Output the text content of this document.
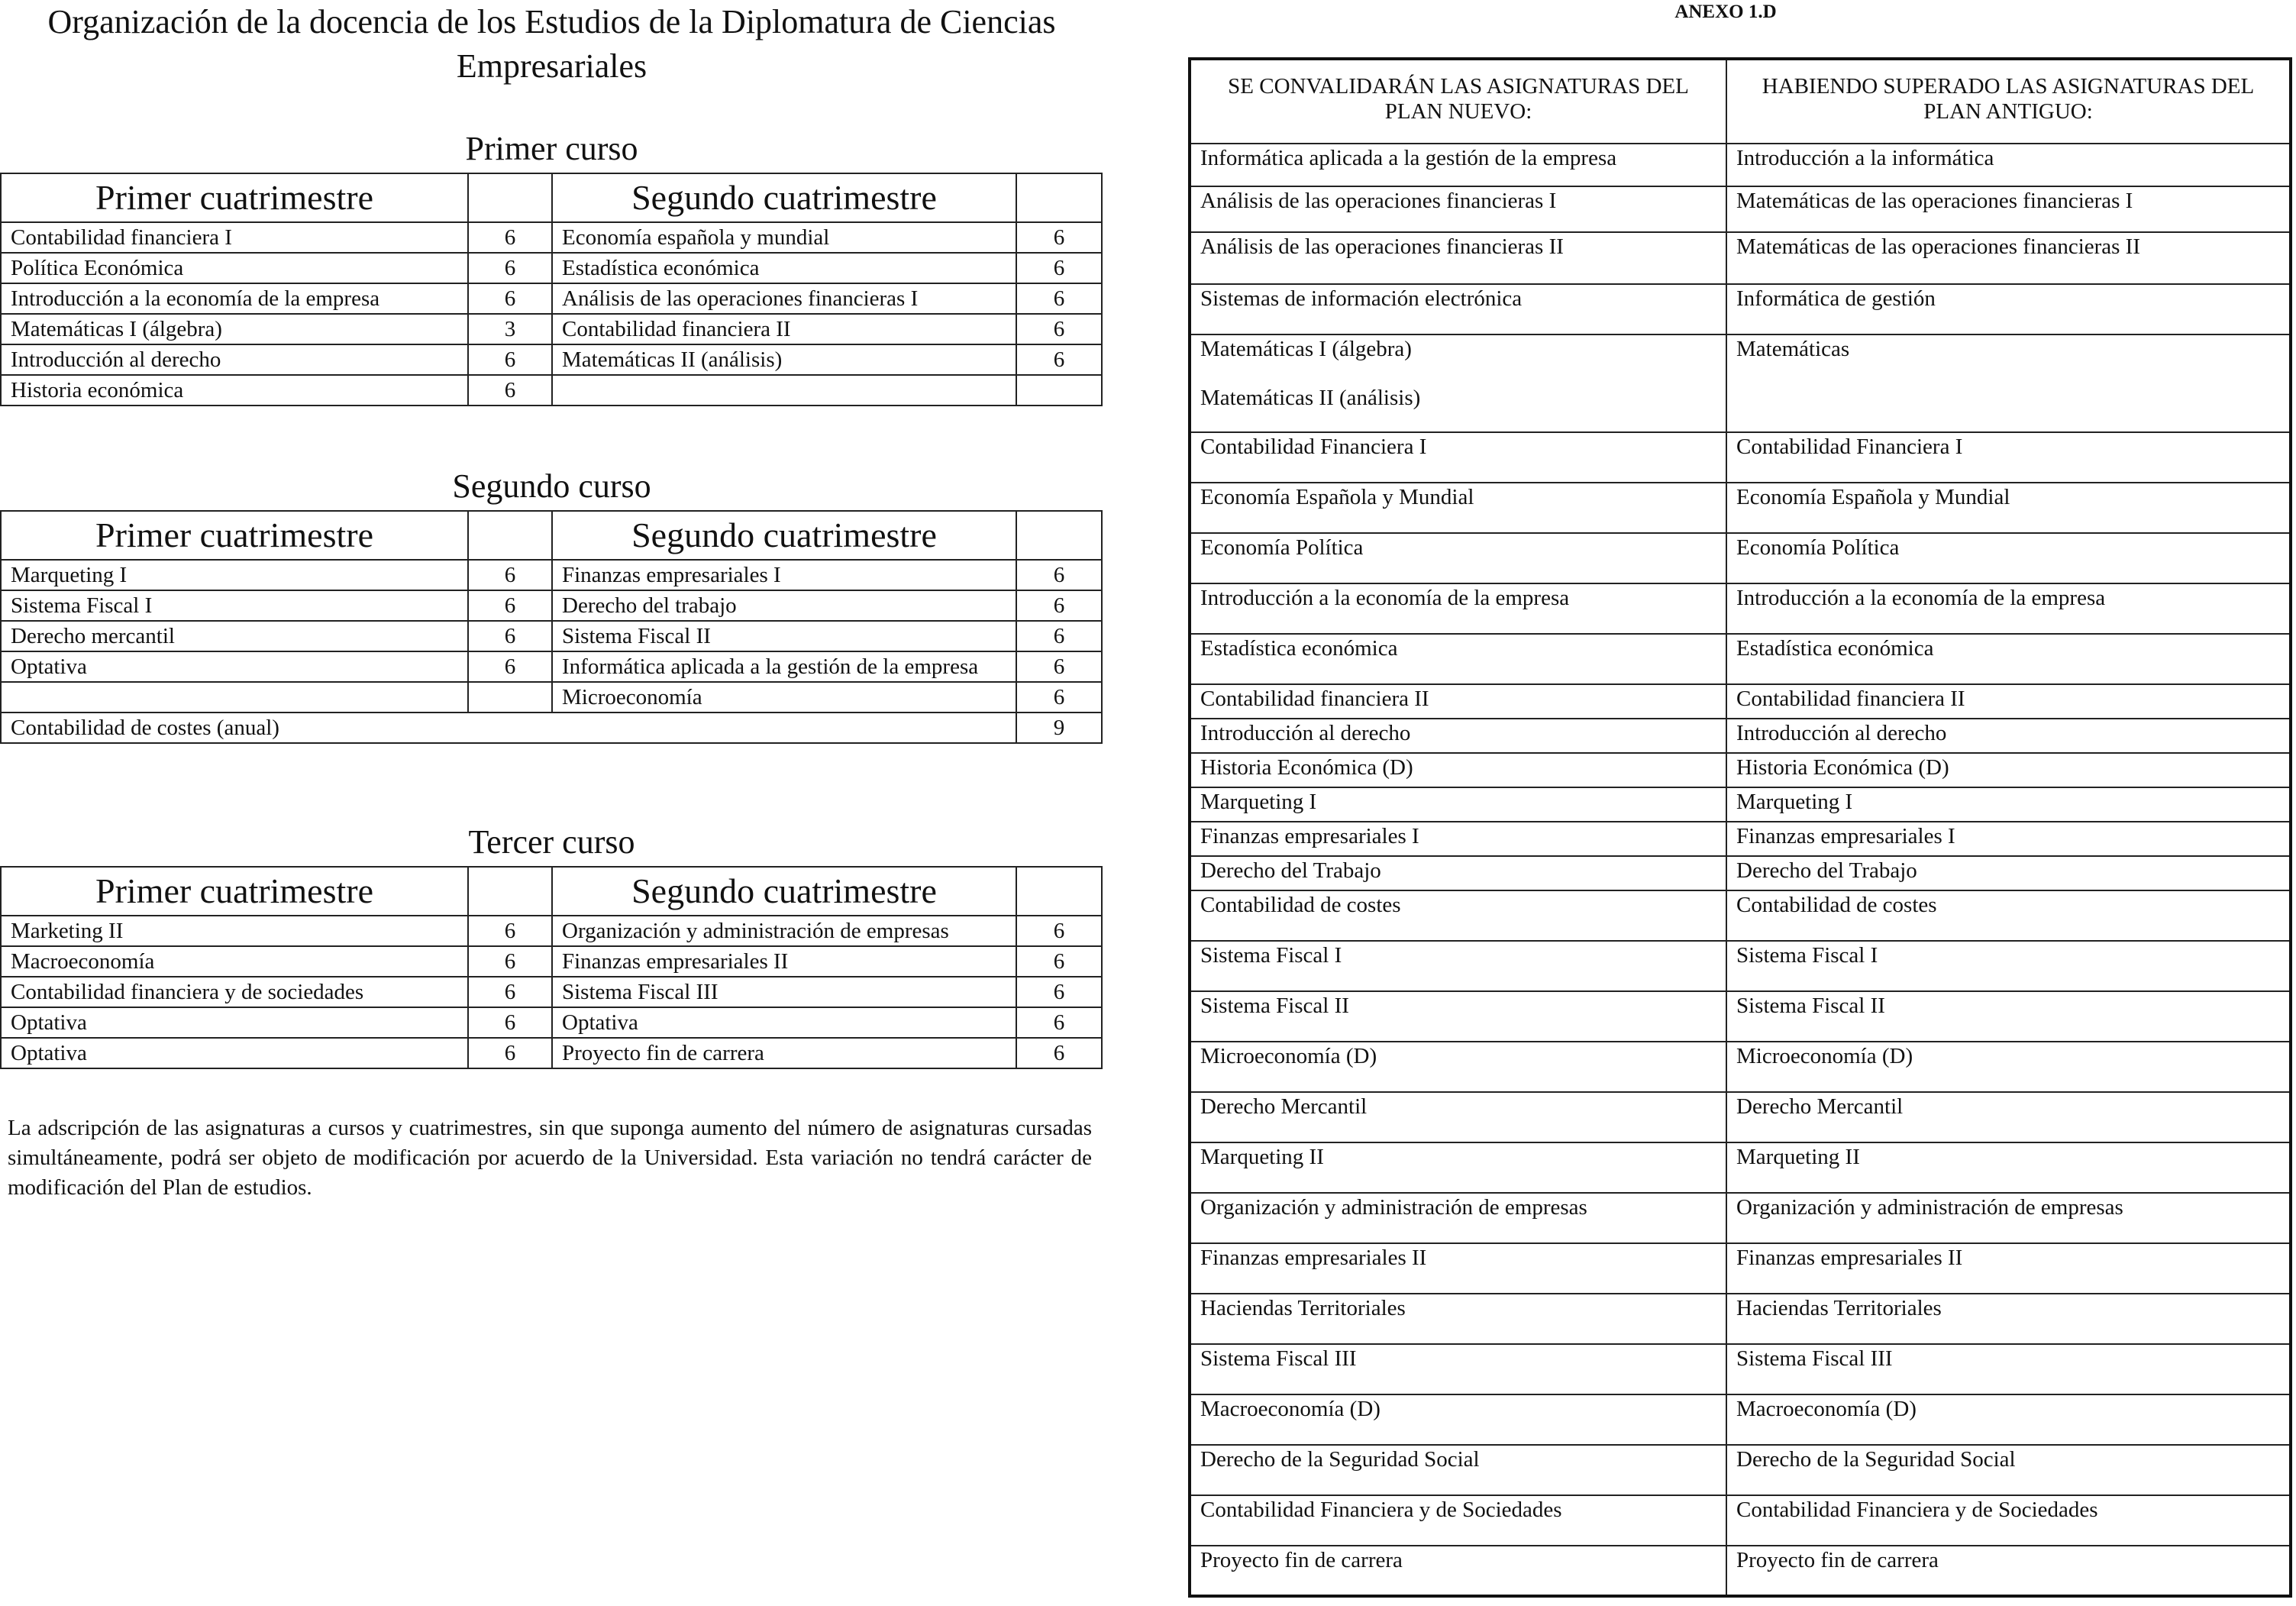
Organización de la docencia de los Estudios de la Diplomatura de Ciencias
Empresariales
Primer curso
Primer cuatrimestre		Segundo cuatrimestre	
Contabilidad financiera I	6	Economía española y mundial	6
Política Económica	6	Estadística económica	6
Introducción a la economía de la empresa	6	Análisis de las operaciones financieras I	6
Matemáticas I (álgebra)	3	Contabilidad financiera II	6
Introducción al derecho	6	Matemáticas II (análisis)	6
Historia económica	6		
Segundo curso
Primer cuatrimestre		Segundo cuatrimestre	
Marqueting I	6	Finanzas empresariales I	6
Sistema Fiscal I	6	Derecho del trabajo	6
Derecho mercantil	6	Sistema Fiscal II	6
Optativa	6	Informática aplicada a la gestión de la empresa	6
		Microeconomía	6
Contabilidad de costes (anual)			9
Tercer curso
Primer cuatrimestre		Segundo cuatrimestre	
Marketing II	6	Organización y administración de empresas	6
Macroeconomía	6	Finanzas empresariales II	6
Contabilidad financiera y de sociedades	6	Sistema Fiscal III	6
Optativa	6	Optativa	6
Optativa	6	Proyecto fin de carrera	6

La adscripción de las asignaturas a cursos y cuatrimestres, sin que suponga aumento del número de asignaturas cursadas simultáneamente, podrá ser objeto de modificación por acuerdo de la Universidad. Esta variación no tendrá carácter de modificación del Plan de estudios.

ANEXO 1.D
SE CONVALIDARÁN LAS ASIGNATURAS DEL PLAN NUEVO:	HABIENDO SUPERADO LAS ASIGNATURAS DEL PLAN ANTIGUO:

Informática aplicada a la gestión de la empresa	Introducción a la informática

Análisis de las operaciones financieras I	Matemáticas de las operaciones financieras I

Análisis de las operaciones financieras II	Matemáticas de las operaciones financieras II

Sistemas de información electrónica	Informática de gestión

Matemáticas I (álgebra)
Matemáticas II (análisis)	Matemáticas

Contabilidad Financiera I	Contabilidad Financiera I

Economía Española y Mundial	Economía Española y Mundial

Economía Política	Economía Política

Introducción a la economía de la empresa	Introducción a la economía de la empresa

Estadística económica	Estadística económica

Contabilidad financiera II	Contabilidad financiera II

Introducción al derecho	Introducción al derecho

Historia Económica (D)	Historia Económica (D)

Marqueting I	Marqueting I

Finanzas empresariales I	Finanzas empresariales I

Derecho del Trabajo	Derecho del Trabajo

Contabilidad de costes	Contabilidad de costes

Sistema Fiscal I	Sistema Fiscal I

Sistema Fiscal II	Sistema Fiscal II

Microeconomía (D)	Microeconomía (D)

Derecho Mercantil	Derecho Mercantil

Marqueting II	Marqueting II

Organización y administración de empresas	Organización y administración de empresas

Finanzas empresariales II	Finanzas empresariales II

Haciendas Territoriales	Haciendas Territoriales

Sistema Fiscal III	Sistema Fiscal III

Macroeconomía (D)	Macroeconomía (D)

Derecho de la Seguridad Social	Derecho de la Seguridad Social

Contabilidad Financiera y de Sociedades	Contabilidad Financiera y de Sociedades

Proyecto fin de carrera	Proyecto fin de carrera
